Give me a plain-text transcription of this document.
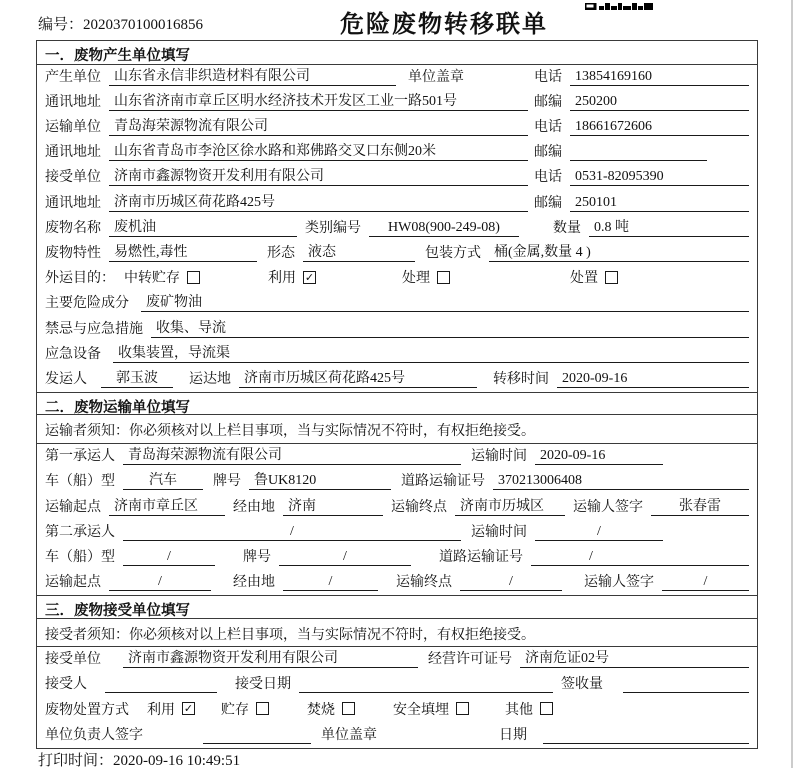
编号：2020370100016856	危险废物转移联单
一．废物产生单位填写
产生单位 山东省永信非织造材料有限公司	单位盖章	电话 13854169160
通讯地址 山东省济南市章丘区明水经济技术开发区工业一路501号	邮编 250200
运输单位 青岛海荣源物流有限公司	电话 18661672606
通讯地址 山东省青岛市李沧区徐水路和郑佛路交叉口东侧20米	邮编
接受单位 济南市鑫源物资开发利用有限公司	电话 0531-82095390
通讯地址 济南市历城区荷花路425号	邮编 250101
废物名称 废机油	类别编号	HW08(900-249-08)	数量 0.8 吨
废物特性 易燃性,毒性	形态 液态	包装方式 桶(金属,数量 4 )
外运目的： 中转贮存	利用 ✓	处理	处置
主要危险成分	废矿物油
禁忌与应急措施 收集、导流
应急设备	收集装置，导流渠
发运人	郭玉波	运达地 济南市历城区荷花路425号	转移时间 2020-09-16
二．废物运输单位填写
运输者须知：你必须核对以上栏目事项，当与实际情况不符时，有权拒绝接受。
第一承运人 青岛海荣源物流有限公司	运输时间 2020-09-16
车（船）型	汽车	牌号 鲁UK8120	道路运输证号 370213006408
运输起点 济南市章丘区	经由地 济南	运输终点 济南市历城区	运输人签字	张春雷
第二承运人	/	运输时间	/
车（船）型	/	牌号	/	道路运输证号	/
运输起点	/	经由地	/	运输终点	/	运输人签字	/
三．废物接受单位填写
接受者须知：你必须核对以上栏目事项，当与实际情况不符时，有权拒绝接受。
接受单位	济南市鑫源物资开发利用有限公司	经营许可证号 济南危证02号
接受人	接受日期	签收量
废物处置方式 利用 ✓ 贮存	焚烧	安全填埋	其他
单位负责人签字	单位盖章	日期
打印时间：2020-09-16 10:49:51
